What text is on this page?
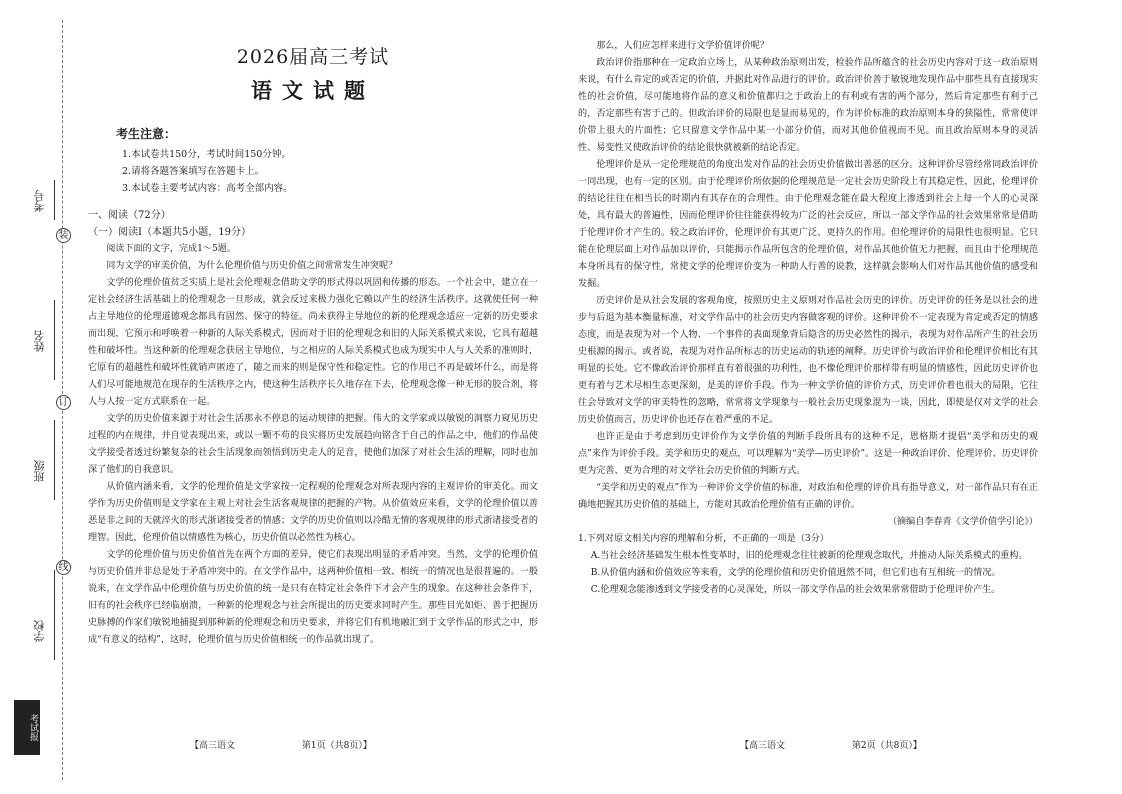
考号
姓名
班级
学校
装
订
线
考试报
2026届高三考试
语文试题
考生注意：
1.本试卷共150分，考试时间150分钟。
2.请将各题答案填写在答题卡上。
3.本试卷主要考试内容：高考全部内容。
一、阅读（72分）
（一）阅读Ⅰ（本题共5小题，19分）

阅读下面的文字，完成1～5题。

同为文学的审美价值，为什么伦理价值与历史价值之间常常发生冲突呢？

文学的伦理价值贫乏实质上是社会伦理观念借助文学的形式得以巩固和传播的形态。一个社会中，建立在一定社会经济生活基础上的伦理观念一旦形成，就会反过来极力强化它赖以产生的经济生活秩序。这就使任何一种占主导地位的伦理道德观念都具有固然、保守的特征。尚未获得主导地位的新的伦理观念适应一定新的历史要求而出现，它预示和呼唤着一种新的人际关系模式，因而对于旧的伦理观念和旧的人际关系模式来说，它具有超越性和破坏性。当这种新的伦理观念获居主导地位，与之相应的人际关系模式也成为现实中人与人关系的准则时，它原有的超越性和破坏性就销声匿迹了，随之而来的则是保守性和稳定性。它的作用已不再是破坏什么，而是将人们尽可能地规范在现存的生活秩序之内，使这种生活秩序长久地存在下去，伦理观念像一种无形的胶合剂，将人与人按一定方式联系在一起。

文学的历史价值来源于对社会生活那永不停息的运动规律的把握。伟大的文学家或以敏锐的洞察力窥见历史过程的内在规律，并自觉表现出来，或以一颗不苟的良实将历史发展趋向铭含于自己的作品之中，他们的作品使文学接受者透过纷繁复杂的社会生活现象而领悟到历史走人的足音，使他们加深了对社会生活的理解，同时也加深了他们的自我意识。

从价值内涵来看，文学的伦理价值是文学家按一定程观的伦理观念对所表现内容的主观评价的审美化。而文学作为历史价值则是文学家在主观上对社会生活客观规律的把握的产物。从价值效应来看，文学的伦理价值以善恶是非之间的天就淬火的形式浙诸接受者的情感；文学的历史价值则以冷酷无情的客观规律的形式浙诸接受者的理智。因此，伦理价值以情感性为核心，历史价值以必然性为核心。

文学的伦理价值与历史价值首先在两个方面的差异，使它们表现出明显的矛盾冲突。当然，文学的伦理价值与历史价值并非总是处于矛盾冲突中的。在文学作品中，这两种价值相一致、相统一的情况也是很普遍的。一般说来，在文学作品中伦理价值与历史价值的统一是只有在特定社会条件下才会产生的现象。在这种社会条件下，旧有的社会秩序已经临崩溃，一种新的伦理观念与社会所提出的历史要求同时产生。那些目光如炬、善于把握历史脉搏的作家们敏锐地捕捉到那种新的伦理观念和历史要求，并将它们有机地融汇到于文学作品的形式之中，形成“有意义的结构”，这时，伦理价值与历史价值相统一的作品就出现了。

【高三语文	第1页（共8页）】

那么，人们应怎样来进行文学价值评价呢？

政治评价指那种在一定政治立场上，从某种政治原则出发，检验作品所蕴含的社会历史内容对于这一政治原则来说，有什么肯定的或否定的价值，并据此对作品进行的评价。政治评价善于敏锐地发现作品中那些具有直接现实性的社会价值，尽可能地将作品的意义和价值都归之于政治上的有利或有害的两个部分，然后肯定那些有利于己的，否定那些有害于己的。但政治评价的局限也是显而易见的，作为评价标准的政治原则本身的狭隘性，常常使评价带上很大的片面性；它只留意文学作品中某一小部分价值，而对其他价值视而不见。而且政治原则本身的灵活性、易变性又使政治评价的结论很快就被新的结论否定。

伦理评价是从一定伦理规范的角度出发对作品的社会历史价值做出善恶的区分。这种评价尽管经常同政治评价一同出现，也有一定的区别。由于伦理评价所依据的伦理规范是一定社会历史阶段上有其稳定性，因此，伦理评价的结论往往在相当长的时期内有其存在的合理性。由于伦理观念能在最大程度上渗透到社会上每一个人的心灵深处，具有最大的普遍性，因而伦理评价往往能获得较为广泛的社会反应，所以一部文学作品的社会效果常常是借助于伦理评价才产生的。较之政治评价，伦理评价有其更广泛、更持久的作用。但伦理评价的局限性也很明显。它只能在伦理层面上对作品加以评价，只能揭示作品所包含的伦理价值，对作品其他价值无力把握，而且由于伦理规范本身所具有的保守性，常使文学的伦理评价变为一种助人行善的说教，这样就会影响人们对作品其他价值的感受和发掘。

历史评价是从社会发展的客观角度，按照历史主义原则对作品社会历史的评价。历史评价的任务是以社会的进步与后退为基本衡量标准，对文学作品中的社会历史内容做客观的评价。这种评价不一定表现为肯定或否定的情感态度，而是表现为对一个人物、一个事件的表面现象背后隐含的历史必然性的揭示，表现为对作品所产生的社会历史根源的揭示。或者说，表现为对作品所标志的历史运动的轨迹的阐释。历史评价与政治评价和伦理评价相比有其明显的长处。它不像政治评价那样直有着很强的功利性，也不像伦理评价那样带有明显的情感性，因此历史评价也更有着与艺术尽相生态更深刻，是美的评价手段。作为一种文学价值的评价方式，历史评价着也很大的局限，它往往会导致对文学的审美特性的忽略，常常将文学现象与一般社会历史现象混为一谈，因此，即使是仅对文学的社会历史价值而言，历史评价也还存在着严重的不足。

也许正是由于考虑到历史评价作为文学价值的判断手段所具有的这种不足，恩格斯才提倡“美学和历史的观点”来作为评价手段。美学和历史的观点，可以理解为“美学—历史评价”。这是一种政治评价、伦理评价、历史评价更为完善、更为合理的对文学社会历史价值的判断方式。

“美学和历史的观点”作为一种评价文学价值的标准，对政治和伦理的评价具有指导意义，对一部作品只有在正确地把握其历史价值的基础上，方能对其政治伦理价值有正确的评价。

（摘编自李春青《文学价值学引论》）

1.下列对原文相关内容的理解和分析，不正确的一项是（3分）

A.当社会经济基础发生根本性变革时，旧的伦理观念往往被新的伦理观念取代，并推动人际关系模式的重构。

B.从价值内涵和价值效应等来看，文学的伦理价值和历史价值迥然不同，但它们也有互相统一的情况。

C.伦理观念能渗透到文学接受者的心灵深处，所以一部文学作品的社会效果常常借助于伦理评价产生。

【高三语文	第2页（共8页）】
